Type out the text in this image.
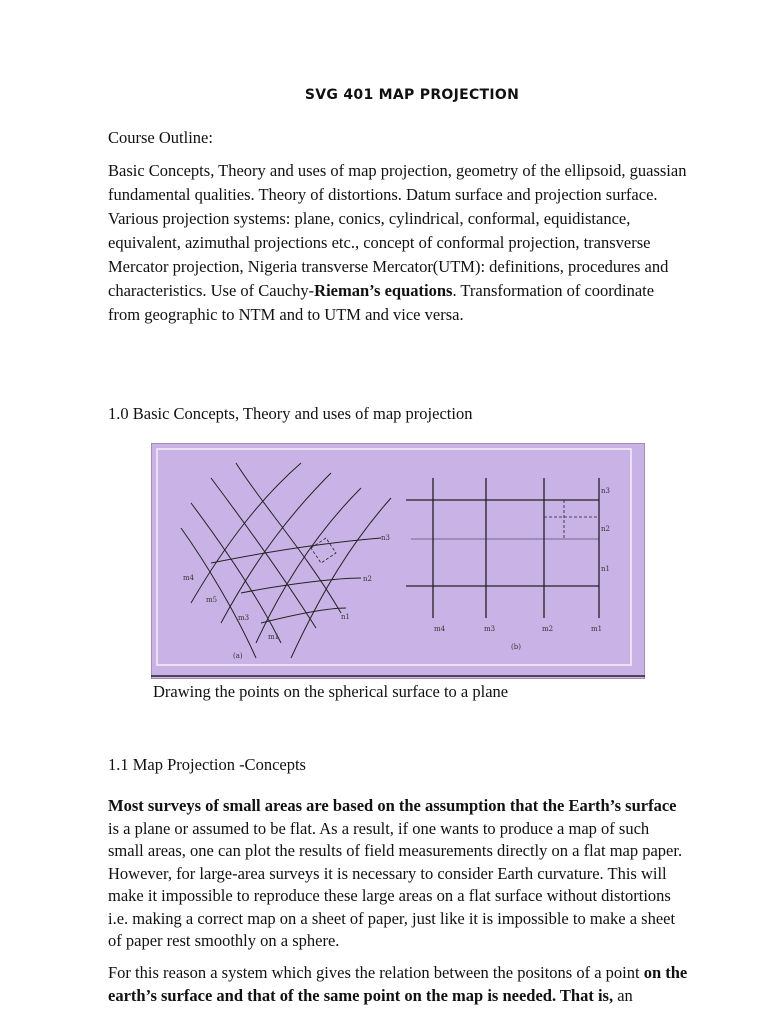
SVG 401 MAP PROJECTION

Course Outline:

Basic Concepts, Theory and uses of map projection, geometry of the ellipsoid, guassian fundamental qualities. Theory of distortions. Datum surface and projection surface. Various projection systems: plane, conics, cylindrical, conformal, equidistance, equivalent, azimuthal projections etc., concept of conformal projection, transverse Mercator projection, Nigeria transverse Mercator(UTM): definitions, procedures and characteristics. Use of Cauchy-Rieman’s equations. Transformation of coordinate from geographic to NTM and to UTM and vice versa.

1.0 Basic Concepts, Theory and uses of map projection

m4
m5
m3
m1
n1
n2
n3
(a)
n3
n2
n1
m4	m3	m2	m1
(b)

Drawing the points on the spherical surface to a plane

1.1 Map Projection -Concepts

Most surveys of small areas are based on the assumption that the Earth’s surface is a plane or assumed to be flat. As a result, if one wants to produce a map of such small areas, one can plot the results of field measurements directly on a flat map paper. However, for large-area surveys it is necessary to consider Earth curvature. This will make it impossible to reproduce these large areas on a flat surface without distortions i.e. making a correct map on a sheet of paper, just like it is impossible to make a sheet of paper rest smoothly on a sphere.

For this reason a system which gives the relation between the positons of a point on the earth’s surface and that of the same point on the map is needed. That is, an
